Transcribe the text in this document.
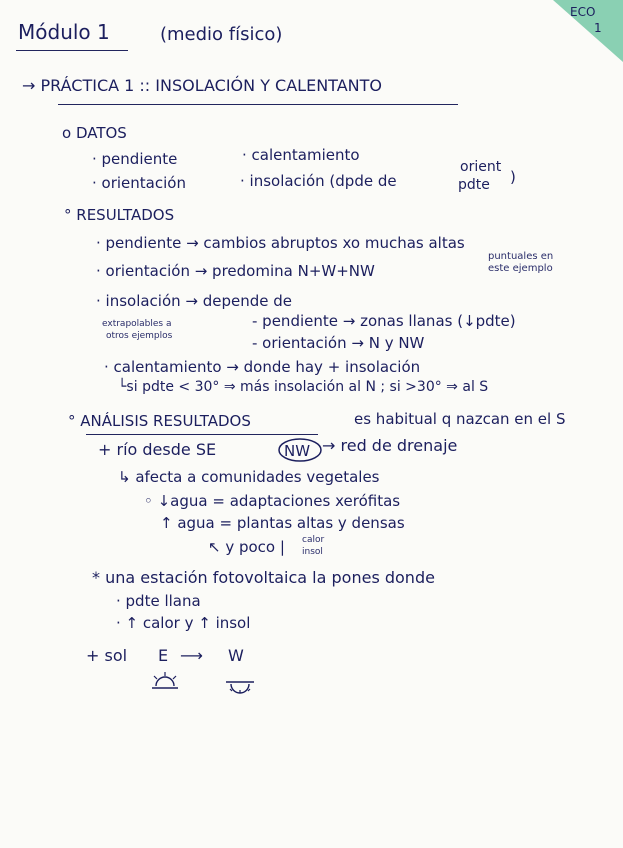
ECO
1
Módulo 1	(medio físico)
→ PRÁCTICA 1 :: INSOLACIÓN Y CALENTANTO
o DATOS
· pendiente	· calentamiento
· orientación	· insolación (dpde de
orient
pdte )
° RESULTADOS
· pendiente → cambios abruptos xo muchas altas
· orientación → predomina N+W+NW
puntuales en
este ejemplo
· insolación → depende de
extrapolables a
otros ejemplos
- pendiente → zonas llanas (↓pdte)
- orientación → N y NW
· calentamiento → donde hay + insolación
└si pdte < 30° ⇒ más insolación al N ; si >30° ⇒ al S
° ANÁLISIS RESULTADOS	es habitual q nazcan en el S
+ río desde SE	NW → red de drenaje
↳ afecta a comunidades vegetales
◦ ↓agua = adaptaciones xerófitas
↑ agua = plantas altas y densas
↖ y poco | calor
insol
* una estación fotovoltaica la pones donde
· pdte llana
· ↑ calor y ↑ insol
+ sol E ⟶ W
